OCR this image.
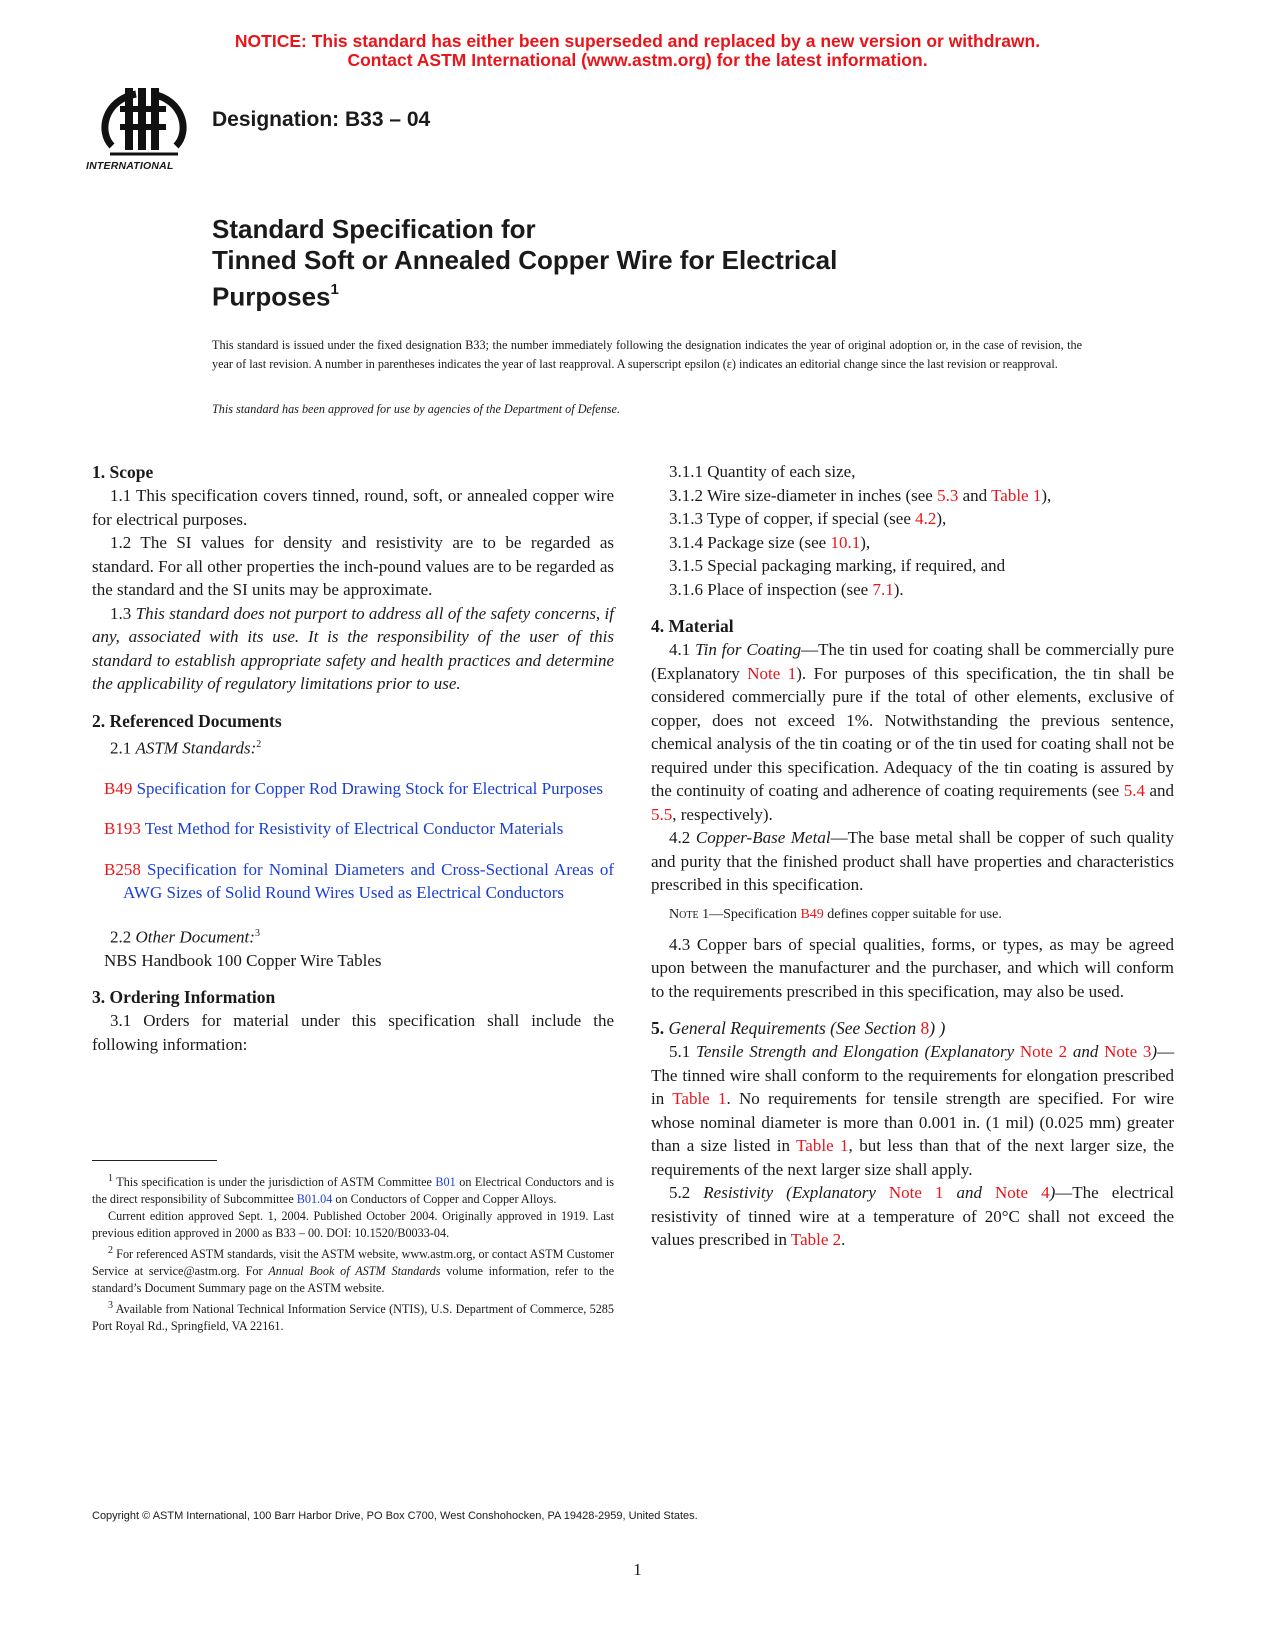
NOTICE: This standard has either been superseded and replaced by a new version or withdrawn.
Contact ASTM International (www.astm.org) for the latest information.
INTERNATIONAL
Designation: B33 – 04
Standard Specification for
Tinned Soft or Annealed Copper Wire for Electrical
Purposes$^1$
This standard is issued under the fixed designation B33; the number immediately following the designation indicates the year of original adoption or, in the case of revision, the year of last revision. A number in parentheses indicates the year of last reapproval. A superscript epsilon (ε) indicates an editorial change since the last revision or reapproval.
This standard has been approved for use by agencies of the Department of Defense.
1. Scope

1.1 This specification covers tinned, round, soft, or annealed copper wire for electrical purposes.

1.2 The SI values for density and resistivity are to be regarded as standard. For all other properties the inch-pound values are to be regarded as the standard and the SI units may be approximate.

1.3 This standard does not purport to address all of the safety concerns, if any, associated with its use. It is the responsibility of the user of this standard to establish appropriate safety and health practices and determine the applicability of regulatory limitations prior to use.

2. Referenced Documents

2.1 ASTM Standards:$^2$

B49 Specification for Copper Rod Drawing Stock for Electrical Purposes

B193 Test Method for Resistivity of Electrical Conductor Materials

B258 Specification for Nominal Diameters and Cross-Sectional Areas of AWG Sizes of Solid Round Wires Used as Electrical Conductors

2.2 Other Document:$^3$

NBS Handbook 100 Copper Wire Tables

3. Ordering Information

3.1 Orders for material under this specification shall include the following information:

$^1$ This specification is under the jurisdiction of ASTM Committee B01 on Electrical Conductors and is the direct responsibility of Subcommittee B01.04 on Conductors of Copper and Copper Alloys.

Current edition approved Sept. 1, 2004. Published October 2004. Originally approved in 1919. Last previous edition approved in 2000 as B33 – 00. DOI: 10.1520/B0033-04.

$^2$ For referenced ASTM standards, visit the ASTM website, www.astm.org, or contact ASTM Customer Service at service@astm.org. For Annual Book of ASTM Standards volume information, refer to the standard’s Document Summary page on the ASTM website.

$^3$ Available from National Technical Information Service (NTIS), U.S. Department of Commerce, 5285 Port Royal Rd., Springfield, VA 22161.

3.1.1 Quantity of each size,
3.1.2 Wire size-diameter in inches (see 5.3 and Table 1),
3.1.3 Type of copper, if special (see 4.2),
3.1.4 Package size (see 10.1),
3.1.5 Special packaging marking, if required, and
3.1.6 Place of inspection (see 7.1).
4. Material

4.1 Tin for Coating—The tin used for coating shall be commercially pure (Explanatory Note 1). For purposes of this specification, the tin shall be considered commercially pure if the total of other elements, exclusive of copper, does not exceed 1%. Notwithstanding the previous sentence, chemical analysis of the tin coating or of the tin used for coating shall not be required under this specification. Adequacy of the tin coating is assured by the continuity of coating and adherence of coating requirements (see 5.4 and 5.5, respectively).

4.2 Copper-Base Metal—The base metal shall be copper of such quality and purity that the finished product shall have properties and characteristics prescribed in this specification.

Note 1—Specification B49 defines copper suitable for use.

4.3 Copper bars of special qualities, forms, or types, as may be agreed upon between the manufacturer and the purchaser, and which will conform to the requirements prescribed in this specification, may also be used.

5. General Requirements (See Section 8) )

5.1 Tensile Strength and Elongation (Explanatory Note 2 and Note 3)—The tinned wire shall conform to the requirements for elongation prescribed in Table 1. No requirements for tensile strength are specified. For wire whose nominal diameter is more than 0.001 in. (1 mil) (0.025 mm) greater than a size listed in Table 1, but less than that of the next larger size, the requirements of the next larger size shall apply.

5.2 Resistivity (Explanatory Note 1 and Note 4)—The electrical resistivity of tinned wire at a temperature of 20°C shall not exceed the values prescribed in Table 2.

Copyright © ASTM International, 100 Barr Harbor Drive, PO Box C700, West Conshohocken, PA 19428-2959, United States.
1
